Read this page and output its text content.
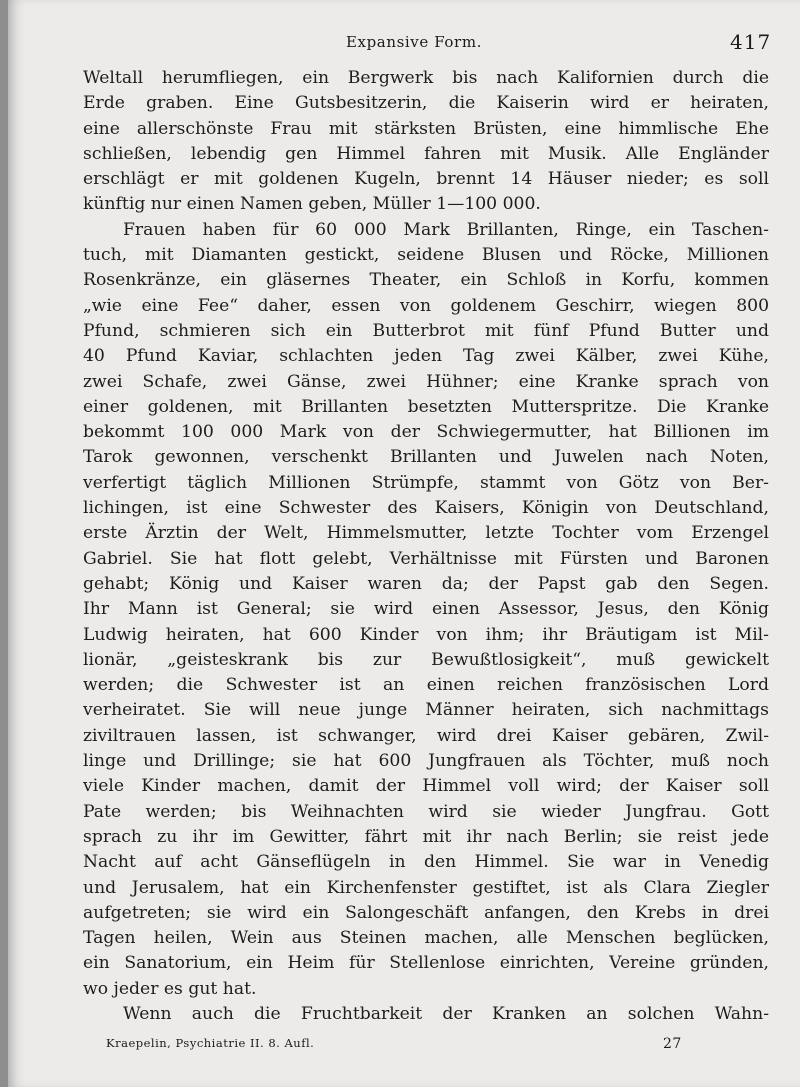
Expansive Form.	417
Weltall herumfliegen, ein Bergwerk bis nach Kalifornien durch die
Erde graben. Eine Gutsbesitzerin, die Kaiserin wird er heiraten,
eine allerschönste Frau mit stärksten Brüsten, eine himmlische Ehe
schließen, lebendig gen Himmel fahren mit Musik. Alle Engländer
erschlägt er mit goldenen Kugeln, brennt 14 Häuser nieder; es soll
künftig nur einen Namen geben, Müller 1—100 000.
Frauen haben für 60 000 Mark Brillanten, Ringe, ein Taschen-
tuch, mit Diamanten gestickt, seidene Blusen und Röcke, Millionen
Rosenkränze, ein gläsernes Theater, ein Schloß in Korfu, kommen
„wie eine Fee“ daher, essen von goldenem Geschirr, wiegen 800
Pfund, schmieren sich ein Butterbrot mit fünf Pfund Butter und
40 Pfund Kaviar, schlachten jeden Tag zwei Kälber, zwei Kühe,
zwei Schafe, zwei Gänse, zwei Hühner; eine Kranke sprach von
einer goldenen, mit Brillanten besetzten Mutterspritze. Die Kranke
bekommt 100 000 Mark von der Schwiegermutter, hat Billionen im
Tarok gewonnen, verschenkt Brillanten und Juwelen nach Noten,
verfertigt täglich Millionen Strümpfe, stammt von Götz von Ber-
lichingen, ist eine Schwester des Kaisers, Königin von Deutschland,
erste Ärztin der Welt, Himmelsmutter, letzte Tochter vom Erzengel
Gabriel. Sie hat flott gelebt, Verhältnisse mit Fürsten und Baronen
gehabt; König und Kaiser waren da; der Papst gab den Segen.
Ihr Mann ist General; sie wird einen Assessor, Jesus, den König
Ludwig heiraten, hat 600 Kinder von ihm; ihr Bräutigam ist Mil-
lionär, „geisteskrank bis zur Bewußtlosigkeit“, muß gewickelt
werden; die Schwester ist an einen reichen französischen Lord
verheiratet. Sie will neue junge Männer heiraten, sich nachmittags
ziviltrauen lassen, ist schwanger, wird drei Kaiser gebären, Zwil-
linge und Drillinge; sie hat 600 Jungfrauen als Töchter, muß noch
viele Kinder machen, damit der Himmel voll wird; der Kaiser soll
Pate werden; bis Weihnachten wird sie wieder Jungfrau. Gott
sprach zu ihr im Gewitter, fährt mit ihr nach Berlin; sie reist jede
Nacht auf acht Gänseflügeln in den Himmel. Sie war in Venedig
und Jerusalem, hat ein Kirchenfenster gestiftet, ist als Clara Ziegler
aufgetreten; sie wird ein Salongeschäft anfangen, den Krebs in drei
Tagen heilen, Wein aus Steinen machen, alle Menschen beglücken,
ein Sanatorium, ein Heim für Stellenlose einrichten, Vereine gründen,
wo jeder es gut hat.
Wenn auch die Fruchtbarkeit der Kranken an solchen Wahn-
Kraepelin, Psychiatrie II. 8. Aufl.	27
